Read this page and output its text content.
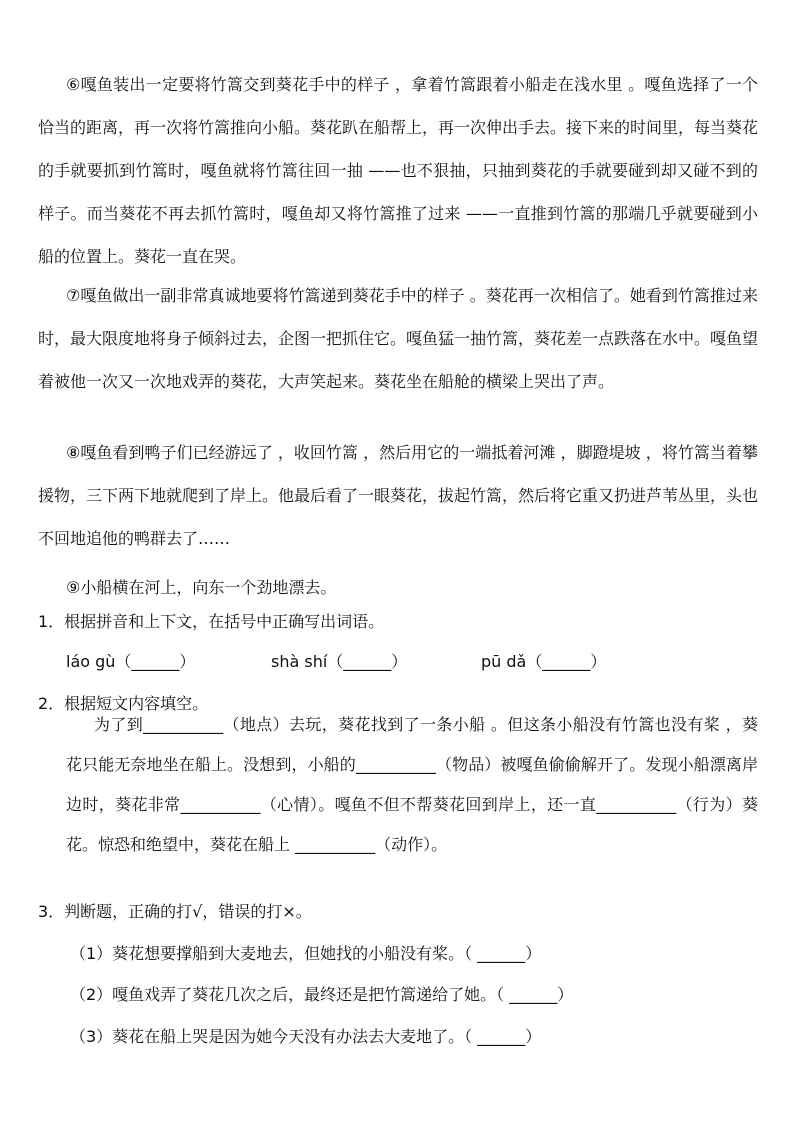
⑥嘎鱼装出一定要将竹篙交到葵花手中的样子 ，拿着竹篙跟着小船走在浅水里 。嘎鱼选择了一个恰当的距离，再一次将竹篙推向小船。葵花趴在船帮上，再一次伸出手去。接下来的时间里，每当葵花的手就要抓到竹篙时，嘎鱼就将竹篙往回一抽 ——也不狠抽，只抽到葵花的手就要碰到却又碰不到的样子。而当葵花不再去抓竹篙时，嘎鱼却又将竹篙推了过来 ——一直推到竹篙的那端几乎就要碰到小船的位置上。葵花一直在哭。

⑦嘎鱼做出一副非常真诚地要将竹篙递到葵花手中的样子 。葵花再一次相信了。她看到竹篙推过来时，最大限度地将身子倾斜过去，企图一把抓住它。嘎鱼猛一抽竹篙，葵花差一点跌落在水中。嘎鱼望着被他一次又一次地戏弄的葵花，大声笑起来。葵花坐在船舱的横梁上哭出了声。

⑧嘎鱼看到鸭子们已经游远了 ，收回竹篙 ，然后用它的一端抵着河滩 ，脚蹬堤坡 ，将竹篙当着攀援物，三下两下地就爬到了岸上。他最后看了一眼葵花，拔起竹篙，然后将它重又扔进芦苇丛里，头也不回地追他的鸭群去了……

⑨小船横在河上，向东一个劲地漂去。

1．根据拼音和上下文，在括号中正确写出词语。

láo gù（______）	shà shí（______）	pū dǎ（______）

2．根据短文内容填空。

为了到__________（地点）去玩，葵花找到了一条小船 。但这条小船没有竹篙也没有桨 ，葵花只能无奈地坐在船上。没想到，小船的__________（物品）被嘎鱼偷偷解开了。发现小船漂离岸边时，葵花非常__________（心情）。嘎鱼不但不帮葵花回到岸上，还一直__________（行为）葵花。惊恐和绝望中，葵花在船上 __________（动作）。

3．判断题，正确的打√，错误的打×。

（1）葵花想要撑船到大麦地去，但她找的小船没有桨。（ ______）
（2）嘎鱼戏弄了葵花几次之后，最终还是把竹篙递给了她。（ ______）
（3）葵花在船上哭是因为她今天没有办法去大麦地了。（ ______）
